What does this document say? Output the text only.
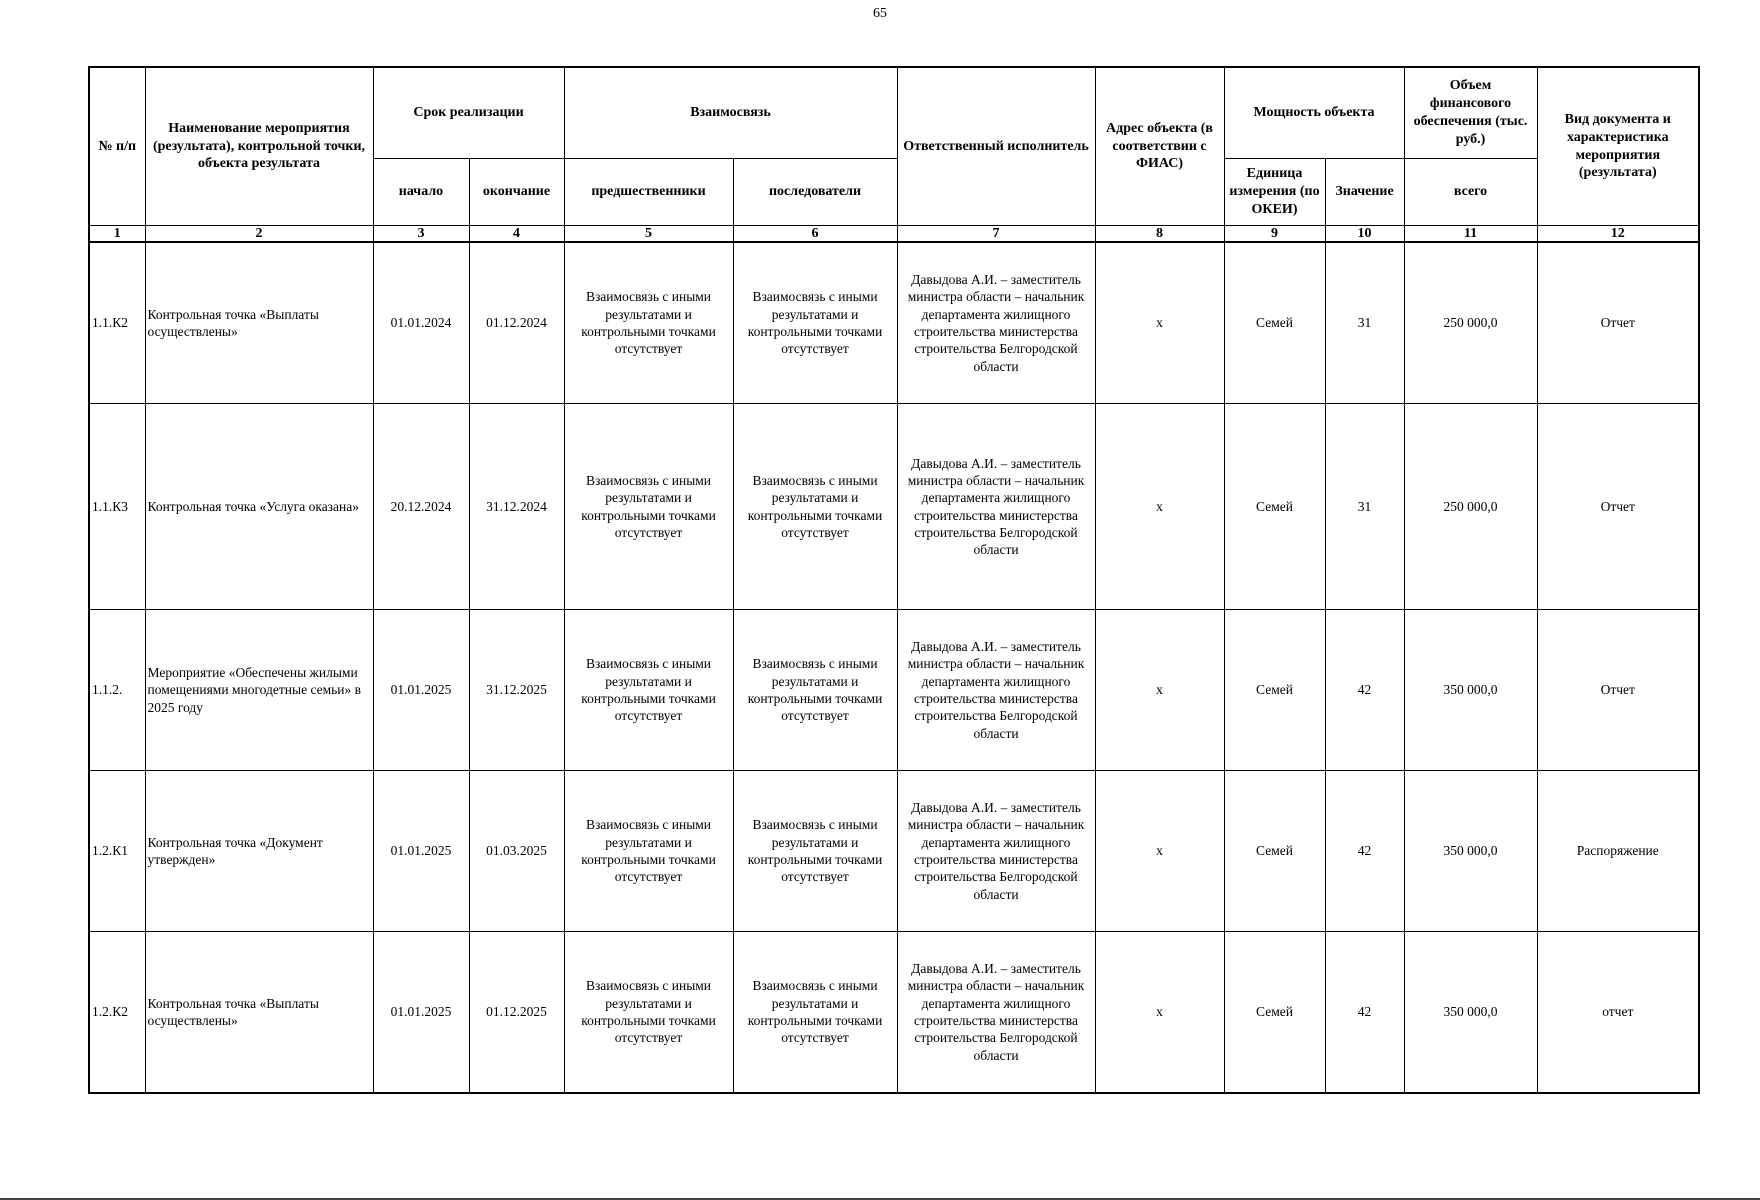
65
№ п/п	Наименование мероприятия (результата), контрольной точки, объекта результата	Срок реализации		Взаимосвязь		Ответственный исполнитель	Адрес объекта (в соответствии с ФИАС)	Мощность объекта		Объем финансового обеспечения (тыс. руб.)	Вид документа и характеристика мероприятия (результата)
		начало	окончание	предшественники	последователи			Единица измерения (по ОКЕИ)	Значение	всего	
1	2	3	4	5	6	7	8	9	10	11	12
1.1.К2	Контрольная точка «Выплаты осуществлены»	01.01.2024	01.12.2024	Взаимосвязь с иными результатами и контрольными точками отсутствует	Взаимосвязь с иными результатами и контрольными точками отсутствует	Давыдова А.И. – заместитель министра области – начальник департамента жилищного строительства министерства строительства Белгородской области	x	Семей	31	250 000,0	Отчет
1.1.К3	Контрольная точка «Услуга оказана»	20.12.2024	31.12.2024	Взаимосвязь с иными результатами и контрольными точками отсутствует	Взаимосвязь с иными результатами и контрольными точками отсутствует	Давыдова А.И. – заместитель министра области – начальник департамента жилищного строительства министерства строительства Белгородской области	x	Семей	31	250 000,0	Отчет
1.1.2.	Мероприятие «Обеспечены жилыми помещениями многодетные семьи» в 2025 году	01.01.2025	31.12.2025	Взаимосвязь с иными результатами и контрольными точками отсутствует	Взаимосвязь с иными результатами и контрольными точками отсутствует	Давыдова А.И. – заместитель министра области – начальник департамента жилищного строительства министерства строительства Белгородской области	x	Семей	42	350 000,0	Отчет
1.2.К1	Контрольная точка «Документ утвержден»	01.01.2025	01.03.2025	Взаимосвязь с иными результатами и контрольными точками отсутствует	Взаимосвязь с иными результатами и контрольными точками отсутствует	Давыдова А.И. – заместитель министра области – начальник департамента жилищного строительства министерства строительства Белгородской области	x	Семей	42	350 000,0	Распоряжение
1.2.К2	Контрольная точка «Выплаты осуществлены»	01.01.2025	01.12.2025	Взаимосвязь с иными результатами и контрольными точками отсутствует	Взаимосвязь с иными результатами и контрольными точками отсутствует	Давыдова А.И. – заместитель министра области – начальник департамента жилищного строительства министерства строительства Белгородской области	x	Семей	42	350 000,0	отчет
